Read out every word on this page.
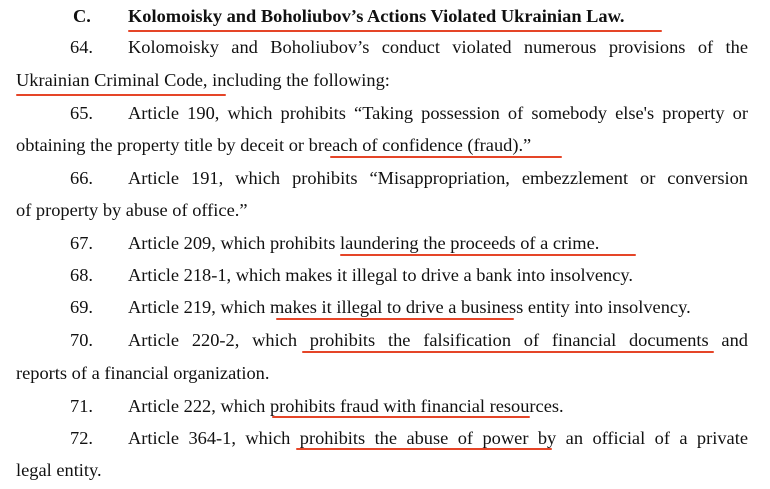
C. Kolomoisky and Boholiubov’s Actions Violated Ukrainian Law.
64. Kolomoisky and Boholiubov’s conduct violated numerous provisions of the
Ukrainian Criminal Code, including the following:
65. Article 190, which prohibits “Taking possession of somebody else's property or
obtaining the property title by deceit or breach of confidence (fraud).”
66. Article 191, which prohibits “Misappropriation, embezzlement or conversion
of property by abuse of office.”
67. Article 209, which prohibits laundering the proceeds of a crime.
68. Article 218-1, which makes it illegal to drive a bank into insolvency.
69. Article 219, which makes it illegal to drive a business entity into insolvency.
70. Article 220-2, which prohibits the falsification of financial documents and
reports of a financial organization.
71. Article 222, which prohibits fraud with financial resources.
72. Article 364-1, which prohibits the abuse of power by an official of a private
legal entity.
